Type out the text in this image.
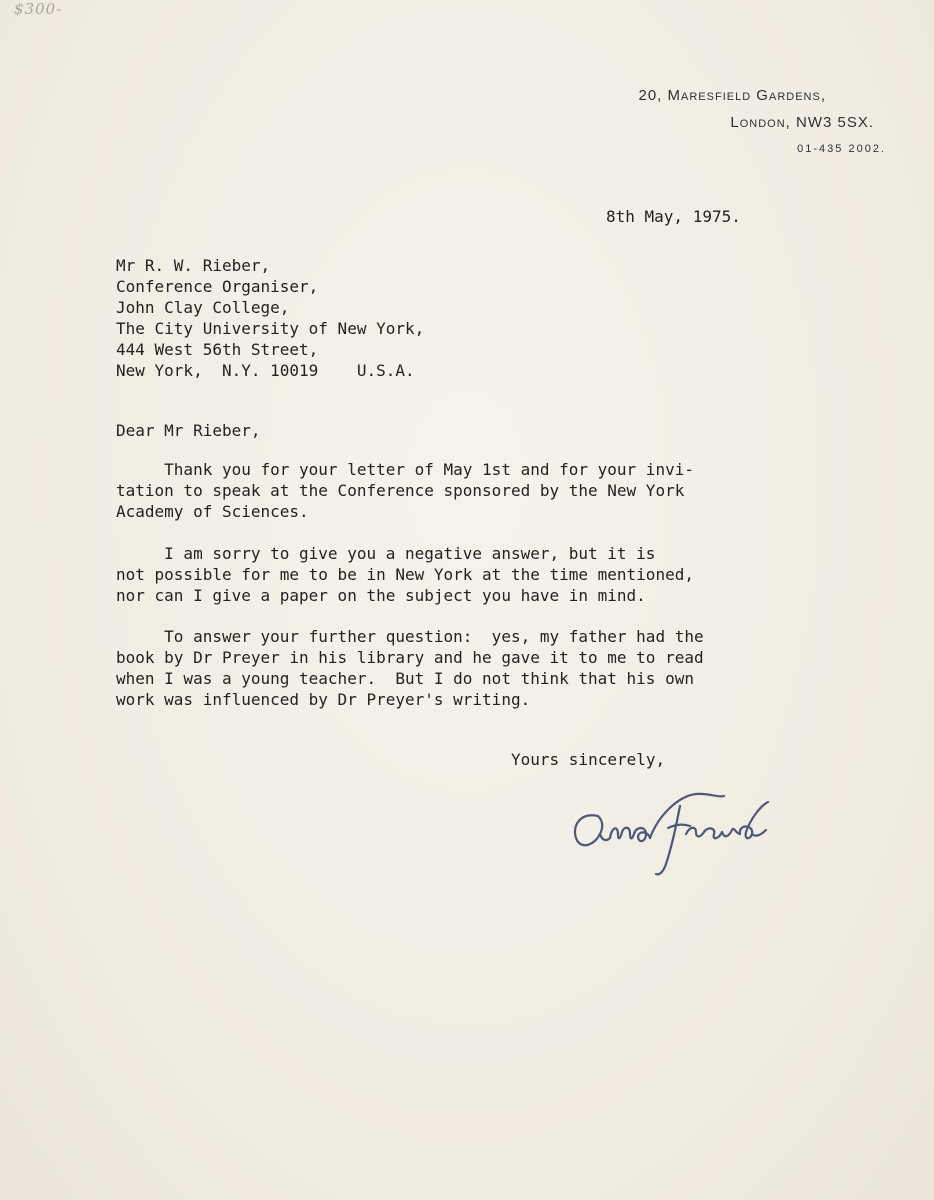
$300-
20, Maresfield Gardens,
London, NW3 5SX.
01-435 2002.
8th May, 1975.
Mr R. W. Rieber,
Conference Organiser,
John Clay College,
The City University of New York,
444 West 56th Street,
New York,  N.Y. 10019    U.S.A.
Dear Mr Rieber,
Thank you for your letter of May 1st and for your invi-
tation to speak at the Conference sponsored by the New York
Academy of Sciences.
I am sorry to give you a negative answer, but it is
not possible for me to be in New York at the time mentioned,
nor can I give a paper on the subject you have in mind.
To answer your further question:  yes, my father had the
book by Dr Preyer in his library and he gave it to me to read
when I was a young teacher.  But I do not think that his own
work was influenced by Dr Preyer's writing.
Yours sincerely,
